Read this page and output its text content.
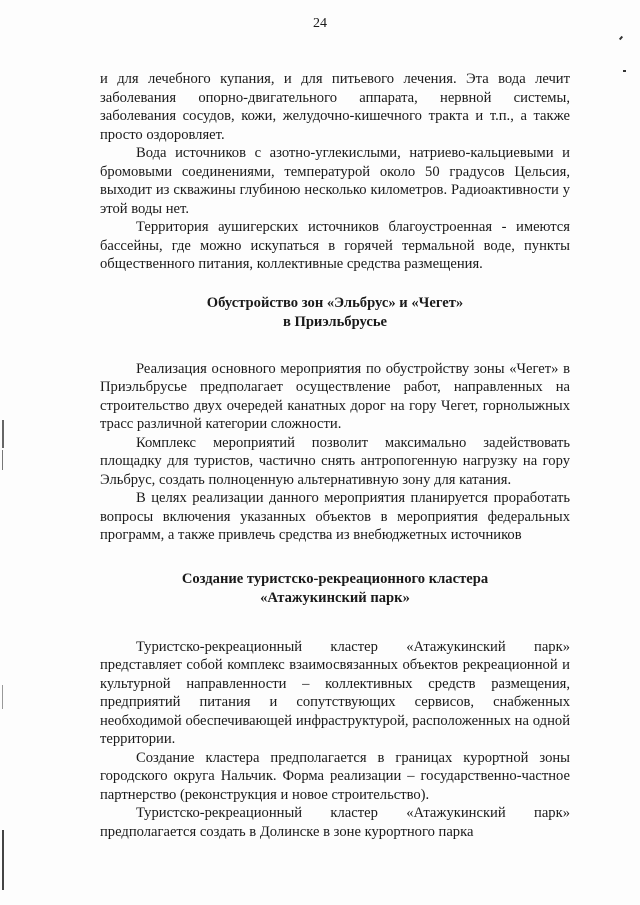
24

и для лечебного купания, и для питьевого лечения. Эта вода лечит заболевания опорно-двигательного аппарата, нервной системы, заболевания сосудов, кожи, желудочно-кишечного тракта и т.п., а также просто оздоровляет.

Вода источников с азотно-углекислыми, натриево-кальциевыми и бромовыми соединениями, температурой около 50 градусов Цельсия, выходит из скважины глубиною несколько километров. Радиоактивности у этой воды нет.

Территория аушигерских источников благоустроенная - имеются бассейны, где можно искупаться в горячей термальной воде, пункты общественного питания, коллективные средства размещения.

Обустройство зон «Эльбрус» и «Чегет»
в Приэльбрусье

Реализация основного мероприятия по обустройству зоны «Чегет» в Приэльбрусье предполагает осуществление работ, направленных на строительство двух очередей канатных дорог на гору Чегет, горнолыжных трасс различной категории сложности.

Комплекс мероприятий позволит максимально задействовать площадку для туристов, частично снять антропогенную нагрузку на гору Эльбрус, создать полноценную альтернативную зону для катания.

В целях реализации данного мероприятия планируется проработать вопросы включения указанных объектов в мероприятия федеральных программ, а также привлечь средства из внебюджетных источников

Создание туристско-рекреационного кластера
«Атажукинский парк»

Туристско-рекреационный кластер «Атажукинский парк» представляет собой комплекс взаимосвязанных объектов рекреационной и культурной направленности – коллективных средств размещения, предприятий питания и сопутствующих сервисов, снабженных необходимой обеспечивающей инфраструктурой, расположенных на одной территории.

Создание кластера предполагается в границах курортной зоны городского округа Нальчик. Форма реализации – государственно-частное партнерство (реконструкция и новое строительство).

Туристско-рекреационный кластер «Атажукинский парк» предполагается создать в Долинске в зоне курортного парка
